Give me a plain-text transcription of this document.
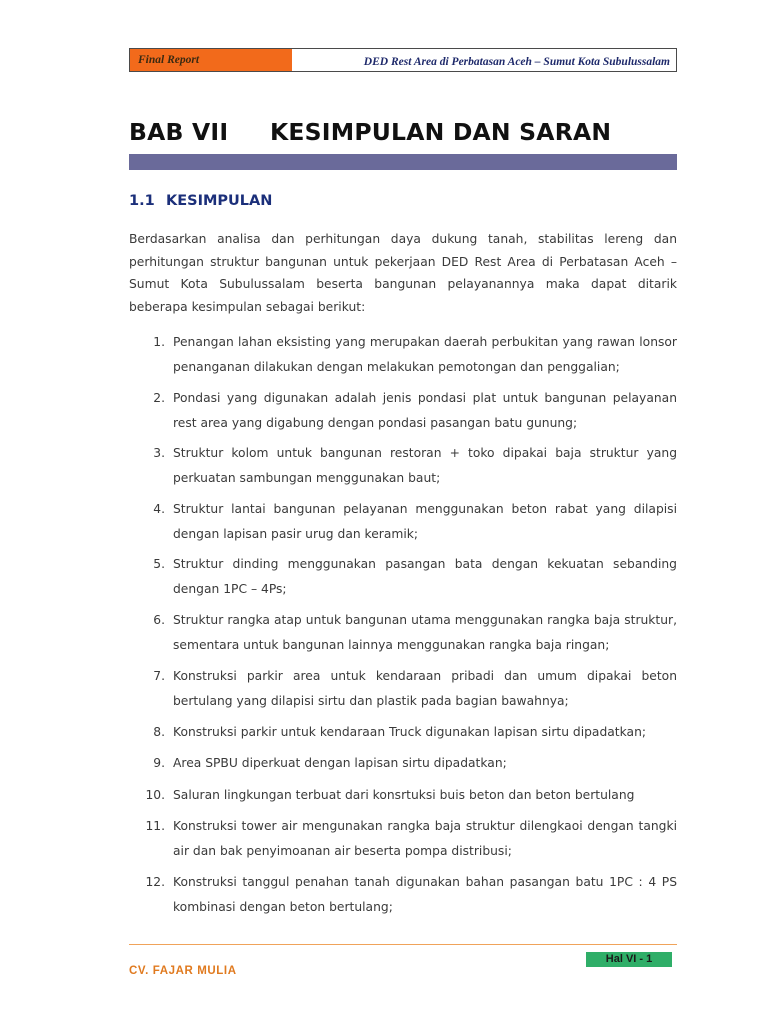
Final Report	DED Rest Area di Perbatasan Aceh – Sumut Kota Subulussalam
BAB VII KESIMPULAN DAN SARAN
1.1 KESIMPULAN
Berdasarkan analisa dan perhitungan daya dukung tanah, stabilitas lereng dan perhitungan struktur bangunan untuk pekerjaan DED Rest Area di Perbatasan Aceh – Sumut Kota Subulussalam beserta bangunan pelayanannya maka dapat ditarik beberapa kesimpulan sebagai berikut:
1. Penangan lahan eksisting yang merupakan daerah perbukitan yang rawan lonsor penanganan dilakukan dengan melakukan pemotongan dan penggalian;
2. Pondasi yang digunakan adalah jenis pondasi plat untuk bangunan pelayanan rest area yang digabung dengan pondasi pasangan batu gunung;
3. Struktur kolom untuk bangunan restoran + toko dipakai baja struktur yang perkuatan sambungan menggunakan baut;
4. Struktur lantai bangunan pelayanan menggunakan beton rabat yang dilapisi dengan lapisan pasir urug dan keramik;
5. Struktur dinding menggunakan pasangan bata dengan kekuatan sebanding dengan 1PC – 4Ps;
6. Struktur rangka atap untuk bangunan utama menggunakan rangka baja struktur, sementara untuk bangunan lainnya menggunakan rangka baja ringan;
7. Konstruksi parkir area untuk kendaraan pribadi dan umum dipakai beton bertulang yang dilapisi sirtu dan plastik pada bagian bawahnya;
8. Konstruksi parkir untuk kendaraan Truck digunakan lapisan sirtu dipadatkan;
9. Area SPBU diperkuat dengan lapisan sirtu dipadatkan;
10. Saluran lingkungan terbuat dari konsrtuksi buis beton dan beton bertulang
11. Konstruksi tower air mengunakan rangka baja struktur dilengkaoi dengan tangki air dan bak penyimoanan air beserta pompa distribusi;
12. Konstruksi tanggul penahan tanah digunakan bahan pasangan batu 1PC : 4 PS kombinasi dengan beton bertulang;
Hal VI - 1
CV. FAJAR MULIA
